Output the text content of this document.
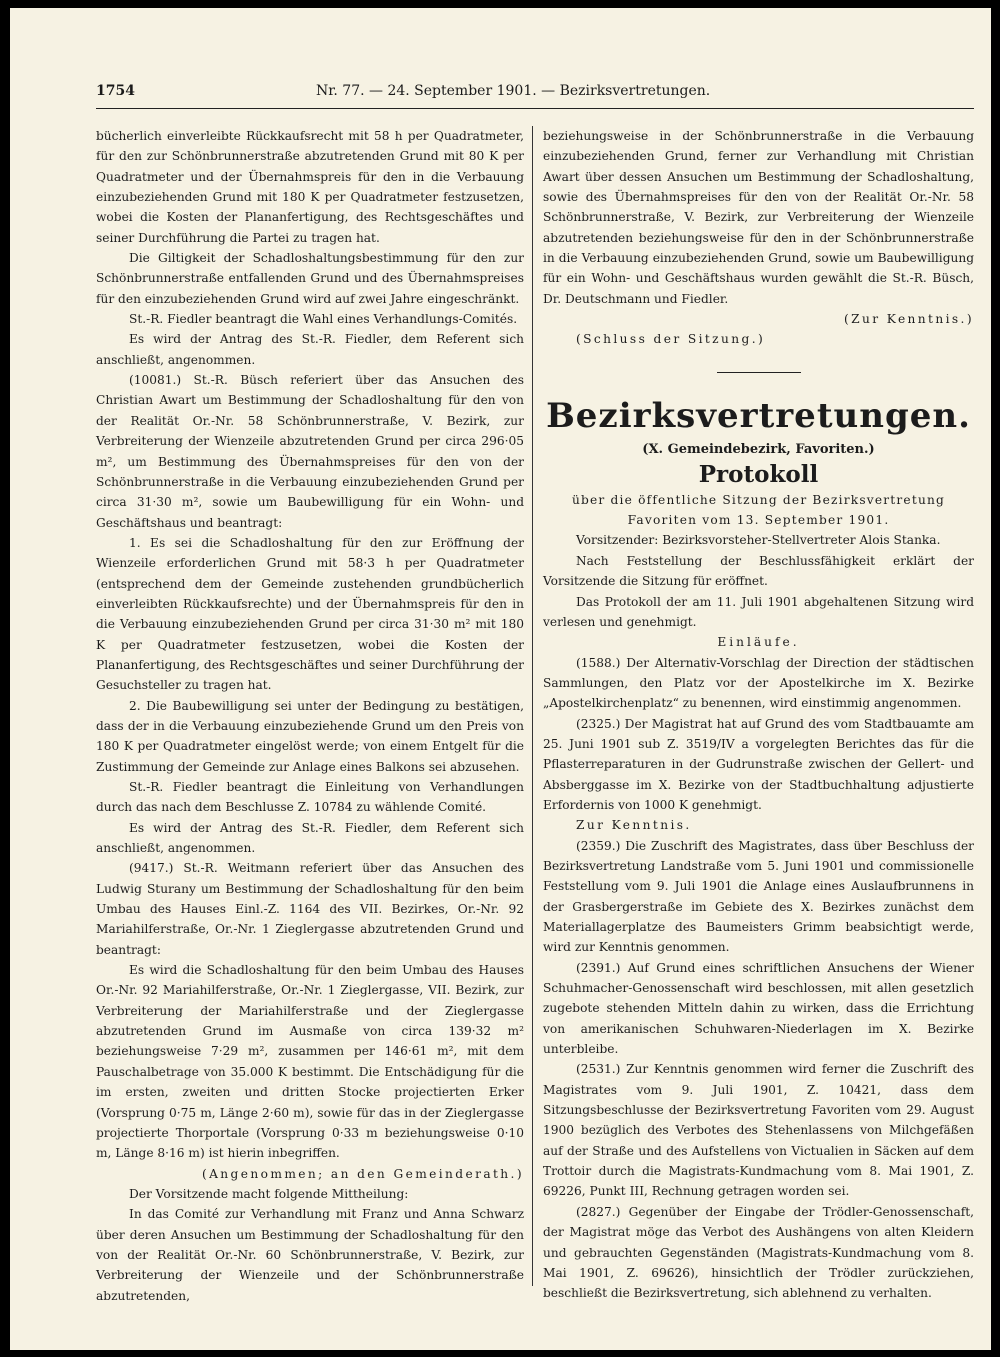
1754	Nr. 77. — 24. September 1901. — Bezirksvertretungen.

bücherlich einverleibte Rückkaufsrecht mit 58 h per Quadratmeter, für den zur Schönbrunnerstraße abzutretenden Grund mit 80 K per Quadratmeter und der Übernahmspreis für den in die Verbauung einzubeziehenden Grund mit 180 K per Quadratmeter festzusetzen, wobei die Kosten der Plananfertigung, des Rechtsgeschäftes und seiner Durchführung die Partei zu tragen hat.

Die Giltigkeit der Schadloshaltungsbestimmung für den zur Schönbrunnerstraße entfallenden Grund und des Übernahmspreises für den einzubeziehenden Grund wird auf zwei Jahre eingeschränkt.

St.-R. Fiedler beantragt die Wahl eines Verhandlungs-Comités.

Es wird der Antrag des St.-R. Fiedler, dem Referent sich anschließt, angenommen.

(10081.) St.-R. Büsch referiert über das Ansuchen des Christian Awart um Bestimmung der Schadloshaltung für den von der Realität Or.-Nr. 58 Schönbrunnerstraße, V. Bezirk, zur Verbreiterung der Wienzeile abzutretenden Grund per circa 296·05 m², um Bestimmung des Übernahmspreises für den von der Schönbrunnerstraße in die Verbauung einzubeziehenden Grund per circa 31·30 m², sowie um Baubewilligung für ein Wohn- und Geschäftshaus und beantragt:

1. Es sei die Schadloshaltung für den zur Eröffnung der Wienzeile erforderlichen Grund mit 58·3 h per Quadratmeter (entsprechend dem der Gemeinde zustehenden grundbücherlich einverleibten Rückkaufsrechte) und der Übernahmspreis für den in die Verbauung einzubeziehenden Grund per circa 31·30 m² mit 180 K per Quadratmeter festzusetzen, wobei die Kosten der Plananfertigung, des Rechtsgeschäftes und seiner Durchführung der Gesuchsteller zu tragen hat.

2. Die Baubewilligung sei unter der Bedingung zu bestätigen, dass der in die Verbauung einzubeziehende Grund um den Preis von 180 K per Quadratmeter eingelöst werde; von einem Entgelt für die Zustimmung der Gemeinde zur Anlage eines Balkons sei abzusehen.

St.-R. Fiedler beantragt die Einleitung von Verhandlungen durch das nach dem Beschlusse Z. 10784 zu wählende Comité.

Es wird der Antrag des St.-R. Fiedler, dem Referent sich anschließt, angenommen.

(9417.) St.-R. Weitmann referiert über das Ansuchen des Ludwig Sturany um Bestimmung der Schadloshaltung für den beim Umbau des Hauses Einl.-Z. 1164 des VII. Bezirkes, Or.-Nr. 92 Mariahilferstraße, Or.-Nr. 1 Zieglergasse abzutretenden Grund und beantragt:

Es wird die Schadloshaltung für den beim Umbau des Hauses Or.-Nr. 92 Mariahilferstraße, Or.-Nr. 1 Zieglergasse, VII. Bezirk, zur Verbreiterung der Mariahilferstraße und der Zieglergasse abzutretenden Grund im Ausmaße von circa 139·32 m² beziehungsweise 7·29 m², zusammen per 146·61 m², mit dem Pauschalbetrage von 35.000 K bestimmt. Die Entschädigung für die im ersten, zweiten und dritten Stocke projectierten Erker (Vorsprung 0·75 m, Länge 2·60 m), sowie für das in der Zieglergasse projectierte Thorportale (Vorsprung 0·33 m beziehungsweise 0·10 m, Länge 8·16 m) ist hierin inbegriffen.

(Angenommen; an den Gemeinderath.)

Der Vorsitzende macht folgende Mittheilung:

In das Comité zur Verhandlung mit Franz und Anna Schwarz über deren Ansuchen um Bestimmung der Schadloshaltung für den von der Realität Or.-Nr. 60 Schönbrunnerstraße, V. Bezirk, zur Verbreiterung der Wienzeile und der Schönbrunnerstraße abzutretenden,

beziehungsweise in der Schönbrunnerstraße in die Verbauung einzubeziehenden Grund, ferner zur Verhandlung mit Christian Awart über dessen Ansuchen um Bestimmung der Schadloshaltung, sowie des Übernahmspreises für den von der Realität Or.-Nr. 58 Schönbrunnerstraße, V. Bezirk, zur Verbreiterung der Wienzeile abzutretenden beziehungsweise für den in der Schönbrunnerstraße in die Verbauung einzubeziehenden Grund, sowie um Baubewilligung für ein Wohn- und Geschäftshaus wurden gewählt die St.-R. Büsch, Dr. Deutschmann und Fiedler.

(Zur Kenntnis.)

(Schluss der Sitzung.)

Bezirksvertretungen.

(X. Gemeindebezirk, Favoriten.)

Protokoll

über die öffentliche Sitzung der Bezirksvertretung Favoriten vom 13. September 1901.

Vorsitzender: Bezirksvorsteher-Stellvertreter Alois Stanka.

Nach Feststellung der Beschlussfähigkeit erklärt der Vorsitzende die Sitzung für eröffnet.

Das Protokoll der am 11. Juli 1901 abgehaltenen Sitzung wird verlesen und genehmigt.

Einläufe.

(1588.) Der Alternativ-Vorschlag der Direction der städtischen Sammlungen, den Platz vor der Apostelkirche im X. Bezirke „Apostelkirchenplatz“ zu benennen, wird einstimmig angenommen.

(2325.) Der Magistrat hat auf Grund des vom Stadtbauamte am 25. Juni 1901 sub Z. 3519/IV a vorgelegten Berichtes das für die Pflasterreparaturen in der Gudrunstraße zwischen der Gellert- und Absberggasse im X. Bezirke von der Stadtbuchhaltung adjustierte Erfordernis von 1000 K genehmigt.

Zur Kenntnis.

(2359.) Die Zuschrift des Magistrates, dass über Beschluss der Bezirksvertretung Landstraße vom 5. Juni 1901 und commissionelle Feststellung vom 9. Juli 1901 die Anlage eines Auslaufbrunnens in der Grasbergerstraße im Gebiete des X. Bezirkes zunächst dem Materiallagerplatze des Baumeisters Grimm beabsichtigt werde, wird zur Kenntnis genommen.

(2391.) Auf Grund eines schriftlichen Ansuchens der Wiener Schuhmacher-Genossenschaft wird beschlossen, mit allen gesetzlich zugebote stehenden Mitteln dahin zu wirken, dass die Errichtung von amerikanischen Schuhwaren-Niederlagen im X. Bezirke unterbleibe.

(2531.) Zur Kenntnis genommen wird ferner die Zuschrift des Magistrates vom 9. Juli 1901, Z. 10421, dass dem Sitzungsbeschlusse der Bezirksvertretung Favoriten vom 29. August 1900 bezüglich des Verbotes des Stehenlassens von Milchgefäßen auf der Straße und des Aufstellens von Victualien in Säcken auf dem Trottoir durch die Magistrats-Kundmachung vom 8. Mai 1901, Z. 69226, Punkt III, Rechnung getragen worden sei.

(2827.) Gegenüber der Eingabe der Trödler-Genossenschaft, der Magistrat möge das Verbot des Aushängens von alten Kleidern und gebrauchten Gegenständen (Magistrats-Kundmachung vom 8. Mai 1901, Z. 69626), hinsichtlich der Trödler zurückziehen, beschließt die Bezirksvertretung, sich ablehnend zu verhalten.
